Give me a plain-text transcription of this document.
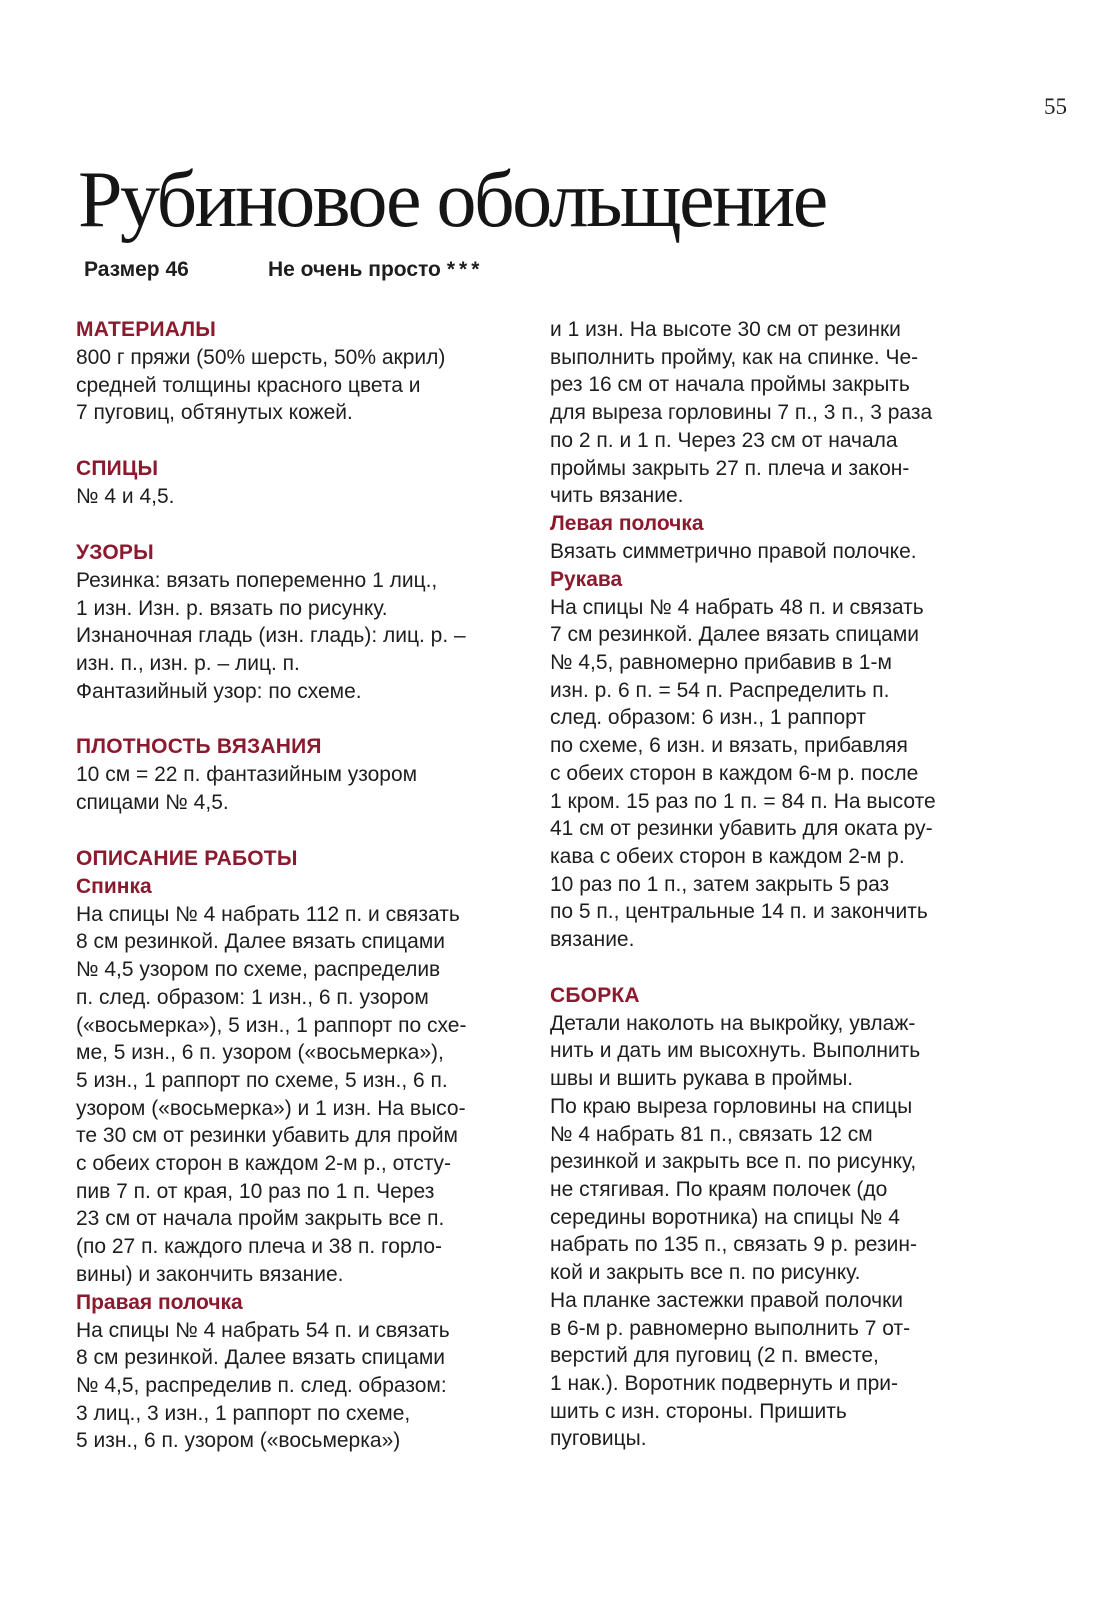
55
Рубиновое обольщение
Размер 46	Не очень просто ***
МАТЕРИАЛЫ
800 г пряжи (50% шерсть, 50% акрил)
средней толщины красного цвета и
7 пуговиц, обтянутых кожей.
СПИЦЫ
№ 4 и 4,5.
УЗОРЫ
Резинка: вязать попеременно 1 лиц.,
1 изн. Изн. р. вязать по рисунку.
Изнаночная гладь (изн. гладь): лиц. р. –
изн. п., изн. р. – лиц. п.
Фантазийный узор: по схеме.
ПЛОТНОСТЬ ВЯЗАНИЯ
10 см = 22 п. фантазийным узором
спицами № 4,5.
ОПИСАНИЕ РАБОТЫ
Спинка
На спицы № 4 набрать 112 п. и связать
8 см резинкой. Далее вязать спицами
№ 4,5 узором по схеме, распределив
п. след. образом: 1 изн., 6 п. узором
(«восьмерка»), 5 изн., 1 раппорт по схе-
ме, 5 изн., 6 п. узором («восьмерка»),
5 изн., 1 раппорт по схеме, 5 изн., 6 п.
узором («восьмерка») и 1 изн. На высо-
те 30 см от резинки убавить для пройм
с обеих сторон в каждом 2-м р., отсту-
пив 7 п. от края, 10 раз по 1 п. Через
23 см от начала пройм закрыть все п.
(по 27 п. каждого плеча и 38 п. горло-
вины) и закончить вязание.
Правая полочка
На спицы № 4 набрать 54 п. и связать
8 см резинкой. Далее вязать спицами
№ 4,5, распределив п. след. образом:
3 лиц., 3 изн., 1 раппорт по схеме,
5 изн., 6 п. узором («восьмерка»)
и 1 изн. На высоте 30 см от резинки
выполнить пройму, как на спинке. Че-
рез 16 см от начала проймы закрыть
для выреза горловины 7 п., 3 п., 3 раза
по 2 п. и 1 п. Через 23 см от начала
проймы закрыть 27 п. плеча и закон-
чить вязание.
Левая полочка
Вязать симметрично правой полочке.
Рукава
На спицы № 4 набрать 48 п. и связать
7 см резинкой. Далее вязать спицами
№ 4,5, равномерно прибавив в 1-м
изн. р. 6 п. = 54 п. Распределить п.
след. образом: 6 изн., 1 раппорт
по схеме, 6 изн. и вязать, прибавляя
с обеих сторон в каждом 6-м р. после
1 кром. 15 раз по 1 п. = 84 п. На высоте
41 см от резинки убавить для оката ру-
кава с обеих сторон в каждом 2-м р.
10 раз по 1 п., затем закрыть 5 раз
по 5 п., центральные 14 п. и закончить
вязание.
СБОРКА
Детали наколоть на выкройку, увлаж-
нить и дать им высохнуть. Выполнить
швы и вшить рукава в проймы.
По краю выреза горловины на спицы
№ 4 набрать 81 п., связать 12 см
резинкой и закрыть все п. по рисунку,
не стягивая. По краям полочек (до
середины воротника) на спицы № 4
набрать по 135 п., связать 9 р. резин-
кой и закрыть все п. по рисунку.
На планке застежки правой полочки
в 6-м р. равномерно выполнить 7 от-
верстий для пуговиц (2 п. вместе,
1 нак.). Воротник подвернуть и при-
шить с изн. стороны. Пришить
пуговицы.
